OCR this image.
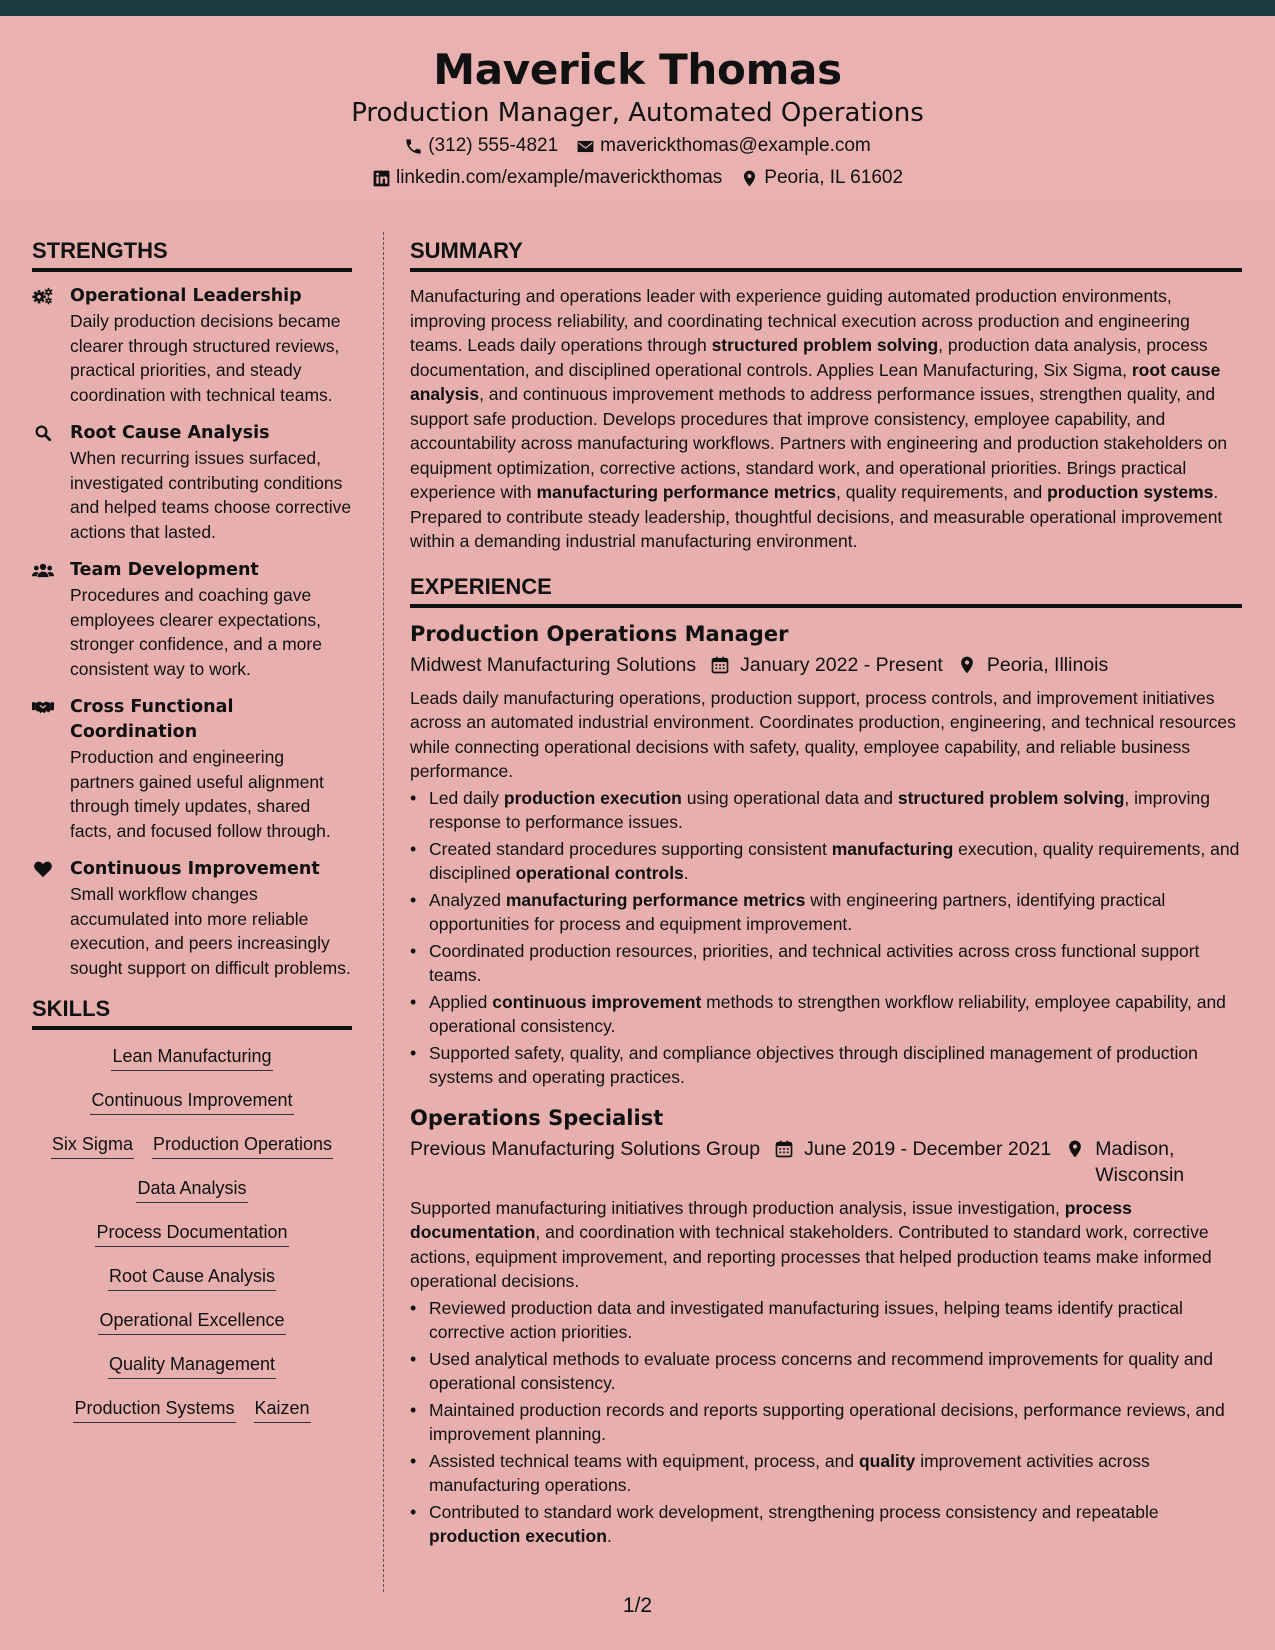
Maverick Thomas
Production Manager, Automated Operations
(312) 555-4821 maverickthomas@example.com
linkedin.com/example/maverickthomas Peoria, IL 61602
STRENGTHS
Operational Leadership
Daily production decisions became clearer through structured reviews, practical priorities, and steady coordination with technical teams.
Root Cause Analysis
When recurring issues surfaced, investigated contributing conditions and helped teams choose corrective actions that lasted.
Team Development
Procedures and coaching gave employees clearer expectations, stronger confidence, and a more consistent way to work.
Cross Functional Coordination
Production and engineering partners gained useful alignment through timely updates, shared facts, and focused follow through.
Continuous Improvement
Small workflow changes accumulated into more reliable execution, and peers increasingly sought support on difficult problems.
SKILLS
Lean Manufacturing
Continuous Improvement
Six Sigma Production Operations
Data Analysis
Process Documentation
Root Cause Analysis
Operational Excellence
Quality Management
Production Systems Kaizen
SUMMARY

Manufacturing and operations leader with experience guiding automated production environments, improving process reliability, and coordinating technical execution across production and engineering teams. Leads daily operations through structured problem solving, production data analysis, process documentation, and disciplined operational controls. Applies Lean Manufacturing, Six Sigma, root cause analysis, and continuous improvement methods to address performance issues, strengthen quality, and support safe production. Develops procedures that improve consistency, employee capability, and accountability across manufacturing workflows. Partners with engineering and production stakeholders on equipment optimization, corrective actions, standard work, and operational priorities. Brings practical experience with manufacturing performance metrics, quality requirements, and production systems. Prepared to contribute steady leadership, thoughtful decisions, and measurable operational improvement within a demanding industrial manufacturing environment.

EXPERIENCE
Production Operations Manager
Midwest Manufacturing Solutions January 2022 - Present Peoria, Illinois

Leads daily manufacturing operations, production support, process controls, and improvement initiatives across an automated industrial environment. Coordinates production, engineering, and technical resources while connecting operational decisions with safety, quality, employee capability, and reliable business performance.

• Led daily production execution using operational data and structured problem solving, improving response to performance issues.
• Created standard procedures supporting consistent manufacturing execution, quality requirements, and disciplined operational controls.
• Analyzed manufacturing performance metrics with engineering partners, identifying practical opportunities for process and equipment improvement.
• Coordinated production resources, priorities, and technical activities across cross functional support teams.
• Applied continuous improvement methods to strengthen workflow reliability, employee capability, and operational consistency.
• Supported safety, quality, and compliance objectives through disciplined management of production systems and operating practices.
Operations Specialist
Previous Manufacturing Solutions Group June 2019 - December 2021 Madison, Wisconsin

Supported manufacturing initiatives through production analysis, issue investigation, process documentation, and coordination with technical stakeholders. Contributed to standard work, corrective actions, equipment improvement, and reporting processes that helped production teams make informed operational decisions.

• Reviewed production data and investigated manufacturing issues, helping teams identify practical corrective action priorities.
• Used analytical methods to evaluate process concerns and recommend improvements for quality and operational consistency.
• Maintained production records and reports supporting operational decisions, performance reviews, and improvement planning.
• Assisted technical teams with equipment, process, and quality improvement activities across manufacturing operations.
• Contributed to standard work development, strengthening process consistency and repeatable production execution.
1/2
